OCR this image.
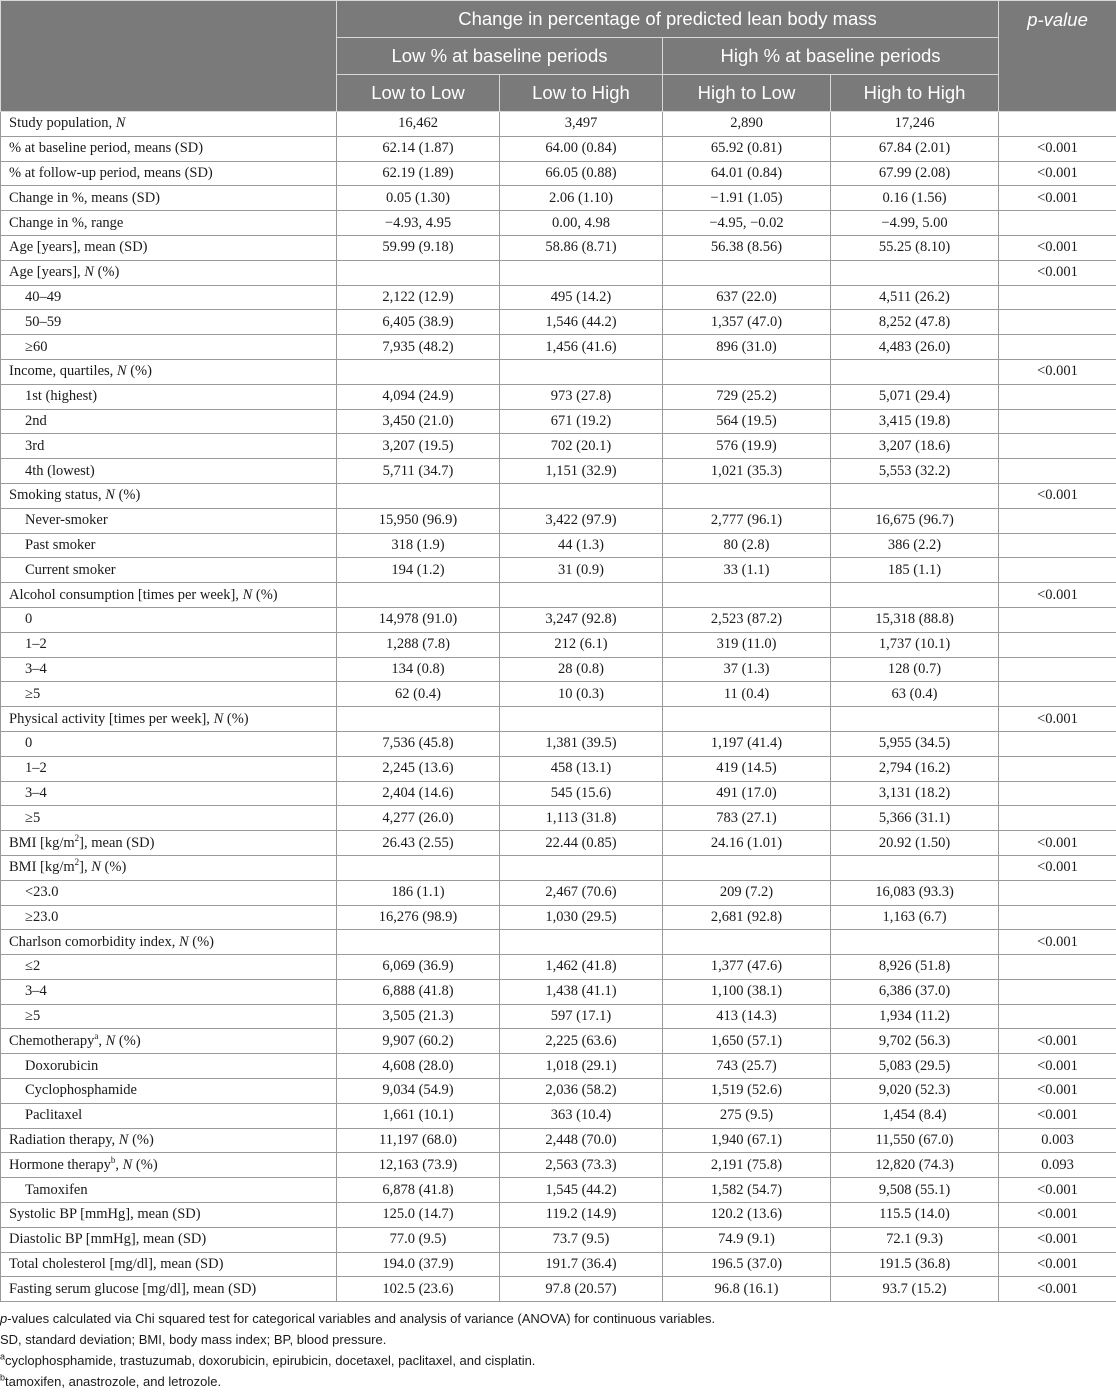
	Change in percentage of predicted lean body mass				p-value
	Low % at baseline periods		High % at baseline periods		
	Low to Low	Low to High	High to Low	High to High	
Study population, N	16,462	3,497	2,890	17,246	
% at baseline period, means (SD)	62.14 (1.87)	64.00 (0.84)	65.92 (0.81)	67.84 (2.01)	<0.001
% at follow-up period, means (SD)	62.19 (1.89)	66.05 (0.88)	64.01 (0.84)	67.99 (2.08)	<0.001
Change in %, means (SD)	0.05 (1.30)	2.06 (1.10)	−1.91 (1.05)	0.16 (1.56)	<0.001
Change in %, range	−4.93, 4.95	0.00, 4.98	−4.95, −0.02	−4.99, 5.00	
Age [years], mean (SD)	59.99 (9.18)	58.86 (8.71)	56.38 (8.56)	55.25 (8.10)	<0.001
Age [years], N (%)					<0.001
40–49	2,122 (12.9)	495 (14.2)	637 (22.0)	4,511 (26.2)	
50–59	6,405 (38.9)	1,546 (44.2)	1,357 (47.0)	8,252 (47.8)	
≥60	7,935 (48.2)	1,456 (41.6)	896 (31.0)	4,483 (26.0)	
Income, quartiles, N (%)					<0.001
1st (highest)	4,094 (24.9)	973 (27.8)	729 (25.2)	5,071 (29.4)	
2nd	3,450 (21.0)	671 (19.2)	564 (19.5)	3,415 (19.8)	
3rd	3,207 (19.5)	702 (20.1)	576 (19.9)	3,207 (18.6)	
4th (lowest)	5,711 (34.7)	1,151 (32.9)	1,021 (35.3)	5,553 (32.2)	
Smoking status, N (%)					<0.001
Never-smoker	15,950 (96.9)	3,422 (97.9)	2,777 (96.1)	16,675 (96.7)	
Past smoker	318 (1.9)	44 (1.3)	80 (2.8)	386 (2.2)	
Current smoker	194 (1.2)	31 (0.9)	33 (1.1)	185 (1.1)	
Alcohol consumption [times per week], N (%)					<0.001
0	14,978 (91.0)	3,247 (92.8)	2,523 (87.2)	15,318 (88.8)	
1–2	1,288 (7.8)	212 (6.1)	319 (11.0)	1,737 (10.1)	
3–4	134 (0.8)	28 (0.8)	37 (1.3)	128 (0.7)	
≥5	62 (0.4)	10 (0.3)	11 (0.4)	63 (0.4)	
Physical activity [times per week], N (%)					<0.001
0	7,536 (45.8)	1,381 (39.5)	1,197 (41.4)	5,955 (34.5)	
1–2	2,245 (13.6)	458 (13.1)	419 (14.5)	2,794 (16.2)	
3–4	2,404 (14.6)	545 (15.6)	491 (17.0)	3,131 (18.2)	
≥5	4,277 (26.0)	1,113 (31.8)	783 (27.1)	5,366 (31.1)	
BMI $[kg/m^2]$, mean (SD)	26.43 (2.55)	22.44 (0.85)	24.16 (1.01)	20.92 (1.50)	<0.001
BMI $[kg/m^2]$, N (%)					<0.001
<23.0	186 (1.1)	2,467 (70.6)	209 (7.2)	16,083 (93.3)	
≥23.0	16,276 (98.9)	1,030 (29.5)	2,681 (92.8)	1,163 (6.7)	
Charlson comorbidity index, N (%)					<0.001
≤2	6,069 (36.9)	1,462 (41.8)	1,377 (47.6)	8,926 (51.8)	
3–4	6,888 (41.8)	1,438 (41.1)	1,100 (38.1)	6,386 (37.0)	
≥5	3,505 (21.3)	597 (17.1)	413 (14.3)	1,934 (11.2)	
Chemotherapy$^a$, N (%)	9,907 (60.2)	2,225 (63.6)	1,650 (57.1)	9,702 (56.3)	<0.001
Doxorubicin	4,608 (28.0)	1,018 (29.1)	743 (25.7)	5,083 (29.5)	<0.001
Cyclophosphamide	9,034 (54.9)	2,036 (58.2)	1,519 (52.6)	9,020 (52.3)	<0.001
Paclitaxel	1,661 (10.1)	363 (10.4)	275 (9.5)	1,454 (8.4)	<0.001
Radiation therapy, N (%)	11,197 (68.0)	2,448 (70.0)	1,940 (67.1)	11,550 (67.0)	0.003
Hormone therapy$^b$, N (%)	12,163 (73.9)	2,563 (73.3)	2,191 (75.8)	12,820 (74.3)	0.093
Tamoxifen	6,878 (41.8)	1,545 (44.2)	1,582 (54.7)	9,508 (55.1)	<0.001
Systolic BP [mmHg], mean (SD)	125.0 (14.7)	119.2 (14.9)	120.2 (13.6)	115.5 (14.0)	<0.001
Diastolic BP [mmHg], mean (SD)	77.0 (9.5)	73.7 (9.5)	74.9 (9.1)	72.1 (9.3)	<0.001
Total cholesterol [mg/dl], mean (SD)	194.0 (37.9)	191.7 (36.4)	196.5 (37.0)	191.5 (36.8)	<0.001
Fasting serum glucose [mg/dl], mean (SD)	102.5 (23.6)	97.8 (20.57)	96.8 (16.1)	93.7 (15.2)	<0.001
p-values calculated via Chi squared test for categorical variables and analysis of variance (ANOVA) for continuous variables.
SD, standard deviation; BMI, body mass index; BP, blood pressure.
$^a$cyclophosphamide, trastuzumab, doxorubicin, epirubicin, docetaxel, paclitaxel, and cisplatin.
$^b$tamoxifen, anastrozole, and letrozole.
